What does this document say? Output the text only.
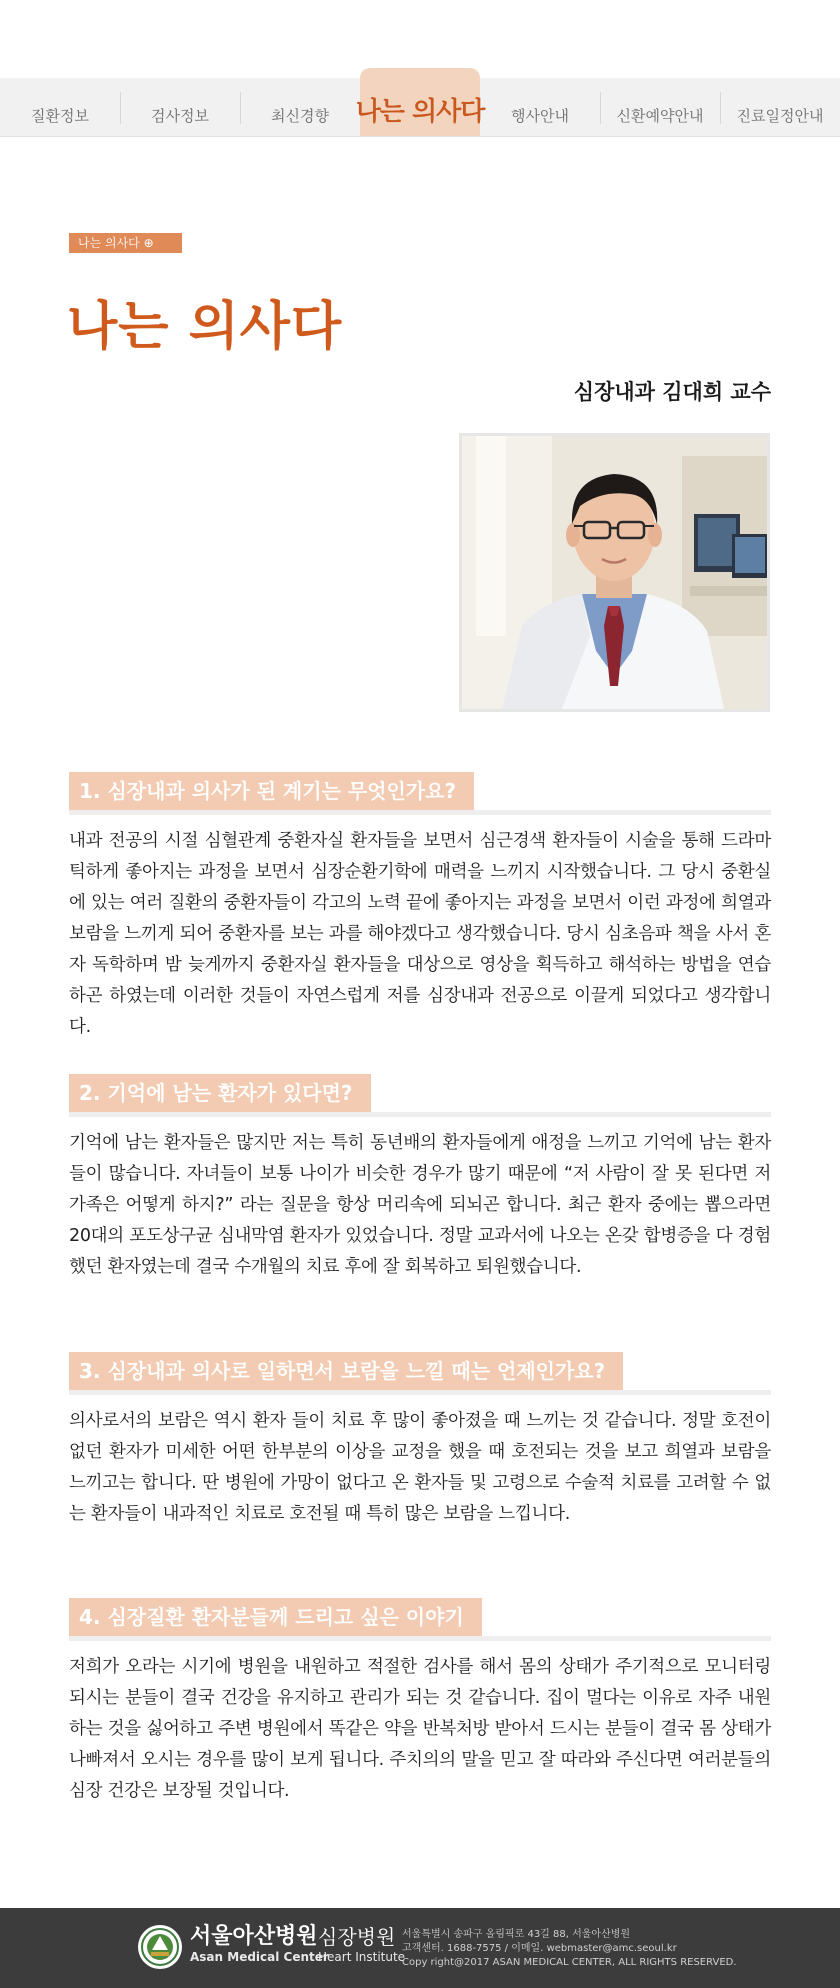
질환정보	검사정보	최신경향	나는 의사다	행사안내	신환예약안내	진료일정안내
나는 의사다 ⊕
나는 의사다
심장내과 김대희 교수
1. 심장내과 의사가 된 계기는 무엇인가요?

내과 전공의 시절 심혈관계 중환자실 환자들을 보면서 심근경색 환자들이 시술을 통해 드라마틱하게 좋아지는 과정을 보면서 심장순환기학에 매력을 느끼지 시작했습니다. 그 당시 중환실에 있는 여러 질환의 중환자들이 각고의 노력 끝에 좋아지는 과정을 보면서 이런 과정에 희열과 보람을 느끼게 되어 중환자를 보는 과를 해야겠다고 생각했습니다. 당시 심초음파 책을 사서 혼자 독학하며 밤 늦게까지 중환자실 환자들을 대상으로 영상을 획득하고 해석하는 방법을 연습하곤 하였는데 이러한 것들이 자연스럽게 저를 심장내과 전공으로 이끌게 되었다고 생각합니다.

2. 기억에 남는 환자가 있다면?

기억에 남는 환자들은 많지만 저는 특히 동년배의 환자들에게 애정을 느끼고 기억에 남는 환자들이 많습니다. 자녀들이 보통 나이가 비슷한 경우가 많기 때문에 “저 사람이 잘 못 된다면 저 가족은 어떻게 하지?” 라는 질문을 항상 머리속에 되뇌곤 합니다. 최근 환자 중에는 뽑으라면 20대의 포도상구균 심내막염 환자가 있었습니다. 정말 교과서에 나오는 온갖 합병증을 다 경험했던 환자였는데 결국 수개월의 치료 후에 잘 회복하고 퇴원했습니다.

3. 심장내과 의사로 일하면서 보람을 느낄 때는 언제인가요?

의사로서의 보람은 역시 환자 들이 치료 후 많이 좋아졌을 때 느끼는 것 같습니다. 정말 호전이 없던 환자가 미세한 어떤 한부분의 이상을 교정을 했을 때 호전되는 것을 보고 희열과 보람을 느끼고는 합니다. 딴 병원에 가망이 없다고 온 환자들 및 고령으로 수술적 치료를 고려할 수 없는 환자들이 내과적인 치료로 호전될 때 특히 많은 보람을 느낍니다.

4. 심장질환 환자분들께 드리고 싶은 이야기

저희가 오라는 시기에 병원을 내원하고 적절한 검사를 해서 몸의 상태가 주기적으로 모니터링되시는 분들이 결국 건강을 유지하고 관리가 되는 것 같습니다. 집이 멀다는 이유로 자주 내원하는 것을 싫어하고 주변 병원에서 똑같은 약을 반복처방 받아서 드시는 분들이 결국 몸 상태가 나빠져서 오시는 경우를 많이 보게 됩니다. 주치의의 말을 믿고 잘 따라와 주신다면 여러분들의 심장 건강은 보장될 것입니다.

서울아산병원
Asan Medical Center
심장병원
Heart Institute
서울특별시 송파구 올림픽로 43길 88, 서울아산병원
고객센터. 1688-7575 / 이메일. webmaster@amc.seoul.kr
Copy right@2017 ASAN MEDICAL CENTER, ALL RIGHTS RESERVED.
